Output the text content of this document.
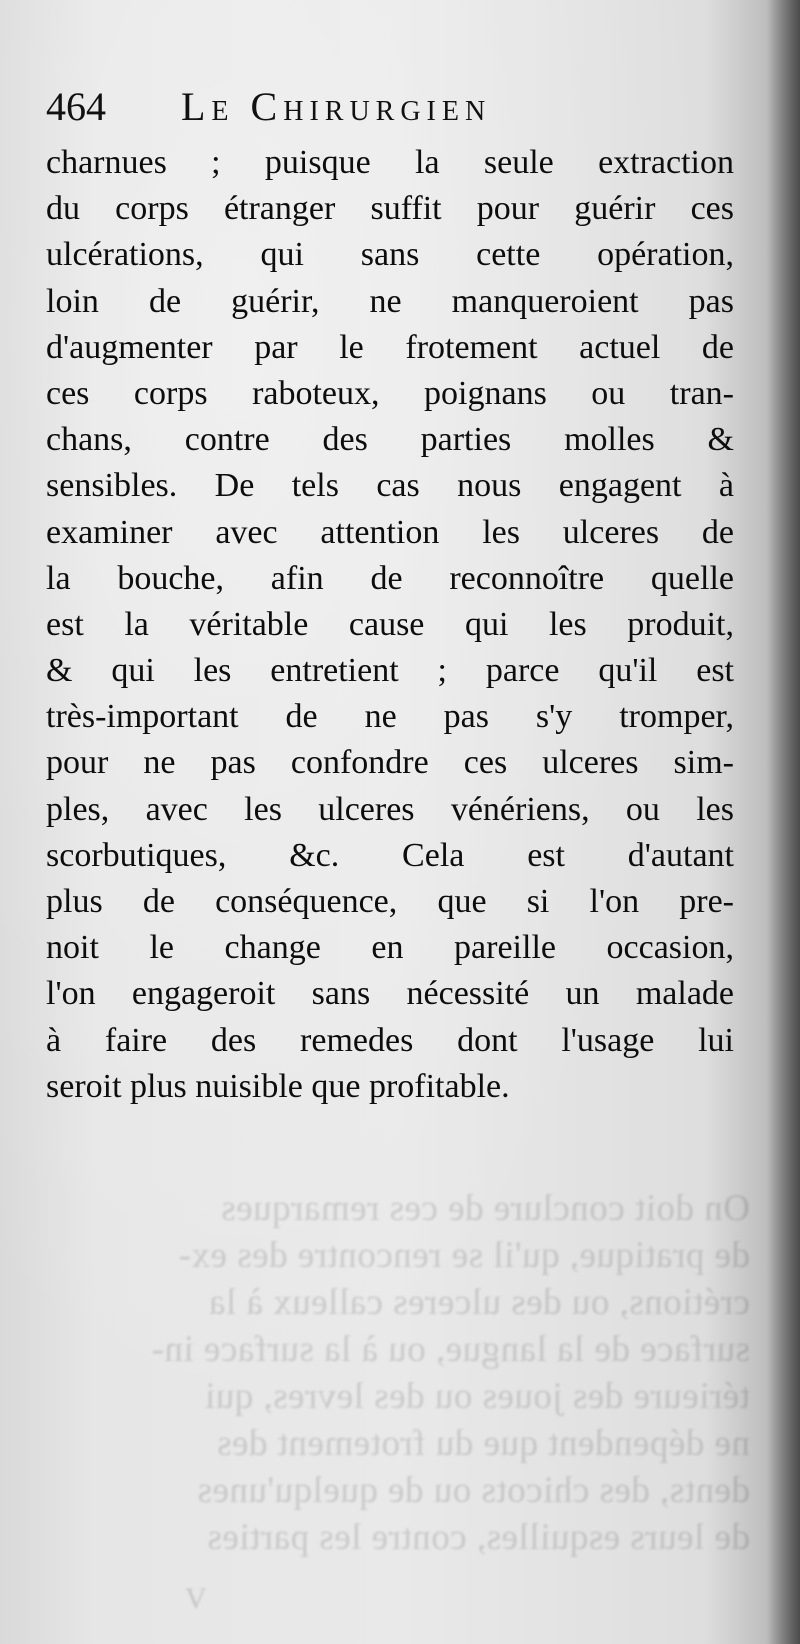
On doit conclure de ces remarques
de pratique, qu'il se rencontre des ex-
crétions, ou des ulceres calleux à la
surface de la langue, ou à la surface in-
térieure des joues ou des levres, qui
ne dépendent que du frotement des
dents, des chicots ou de quelqu'unes
de leurs esquilles, contre les parties
464 Le Chirurgien
charnues ; puisque la seule extraction
du corps étranger suffit pour guérir ces
ulcérations, qui sans cette opération,
loin de guérir, ne manqueroient pas
d'augmenter par le frotement actuel de
ces corps raboteux, poignans ou tran-
chans, contre des parties molles &
sensibles. De tels cas nous engagent à
examiner avec attention les ulceres de
la bouche, afin de reconnoître quelle
est la véritable cause qui les produit,
& qui les entretient ; parce qu'il est
très-important de ne pas s'y tromper,
pour ne pas confondre ces ulceres sim-
ples, avec les ulceres vénériens, ou les
scorbutiques, &c. Cela est d'autant
plus de conséquence, que si l'on pre-
noit le change en pareille occasion,
l'on engageroit sans nécessité un malade
à faire des remedes dont l'usage lui
seroit plus nuisible que profitable.
V
